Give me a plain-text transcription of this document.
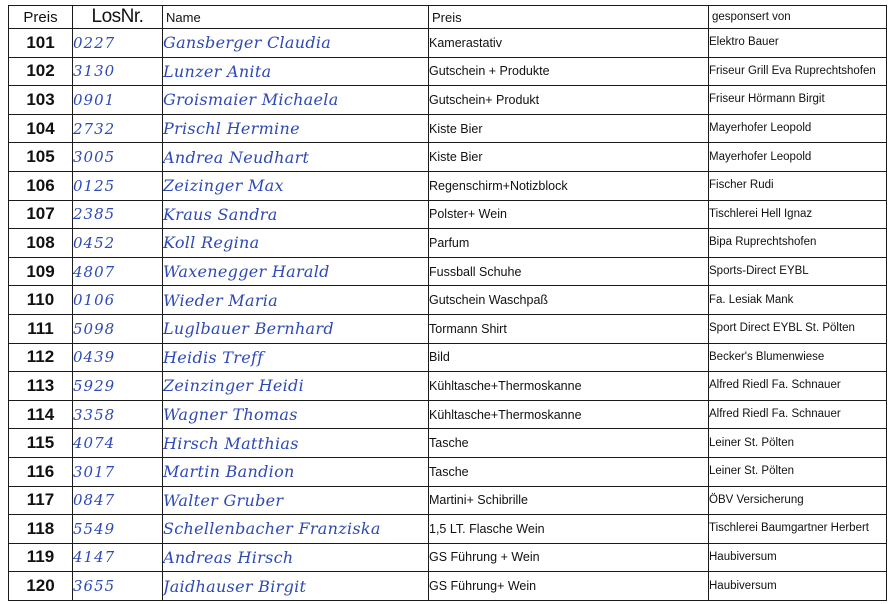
Preis	LosNr.	Name	Preis	gesponsert von
101	0227	Gansberger Claudia	Kamerastativ	Elektro Bauer
102	3130	Lunzer Anita	Gutschein + Produkte	Friseur Grill Eva Ruprechtshofen
103	0901	Groismaier Michaela	Gutschein+ Produkt	Friseur Hörmann Birgit
104	2732	Prischl Hermine	Kiste Bier	Mayerhofer Leopold
105	3005	Andrea Neudhart	Kiste Bier	Mayerhofer Leopold
106	0125	Zeizinger Max	Regenschirm+Notizblock	Fischer Rudi
107	2385	Kraus Sandra	Polster+ Wein	Tischlerei Hell Ignaz
108	0452	Koll Regina	Parfum	Bipa Ruprechtshofen
109	4807	Waxenegger Harald	Fussball Schuhe	Sports-Direct EYBL
110	0106	Wieder Maria	Gutschein Waschpaß	Fa. Lesiak Mank
111	5098	Luglbauer Bernhard	Tormann Shirt	Sport Direct EYBL St. Pölten
112	0439	Heidis Treff	Bild	Becker's Blumenwiese
113	5929	Zeinzinger Heidi	Kühltasche+Thermoskanne	Alfred Riedl Fa. Schnauer
114	3358	Wagner Thomas	Kühltasche+Thermoskanne	Alfred Riedl Fa. Schnauer
115	4074	Hirsch Matthias	Tasche	Leiner St. Pölten
116	3017	Martin Bandion	Tasche	Leiner St. Pölten
117	0847	Walter Gruber	Martini+ Schibrille	ÖBV Versicherung
118	5549	Schellenbacher Franziska	1,5 LT. Flasche Wein	Tischlerei Baumgartner Herbert
119	4147	Andreas Hirsch	GS Führung + Wein	Haubiversum
120	3655	Jaidhauser Birgit	GS Führung+ Wein	Haubiversum
